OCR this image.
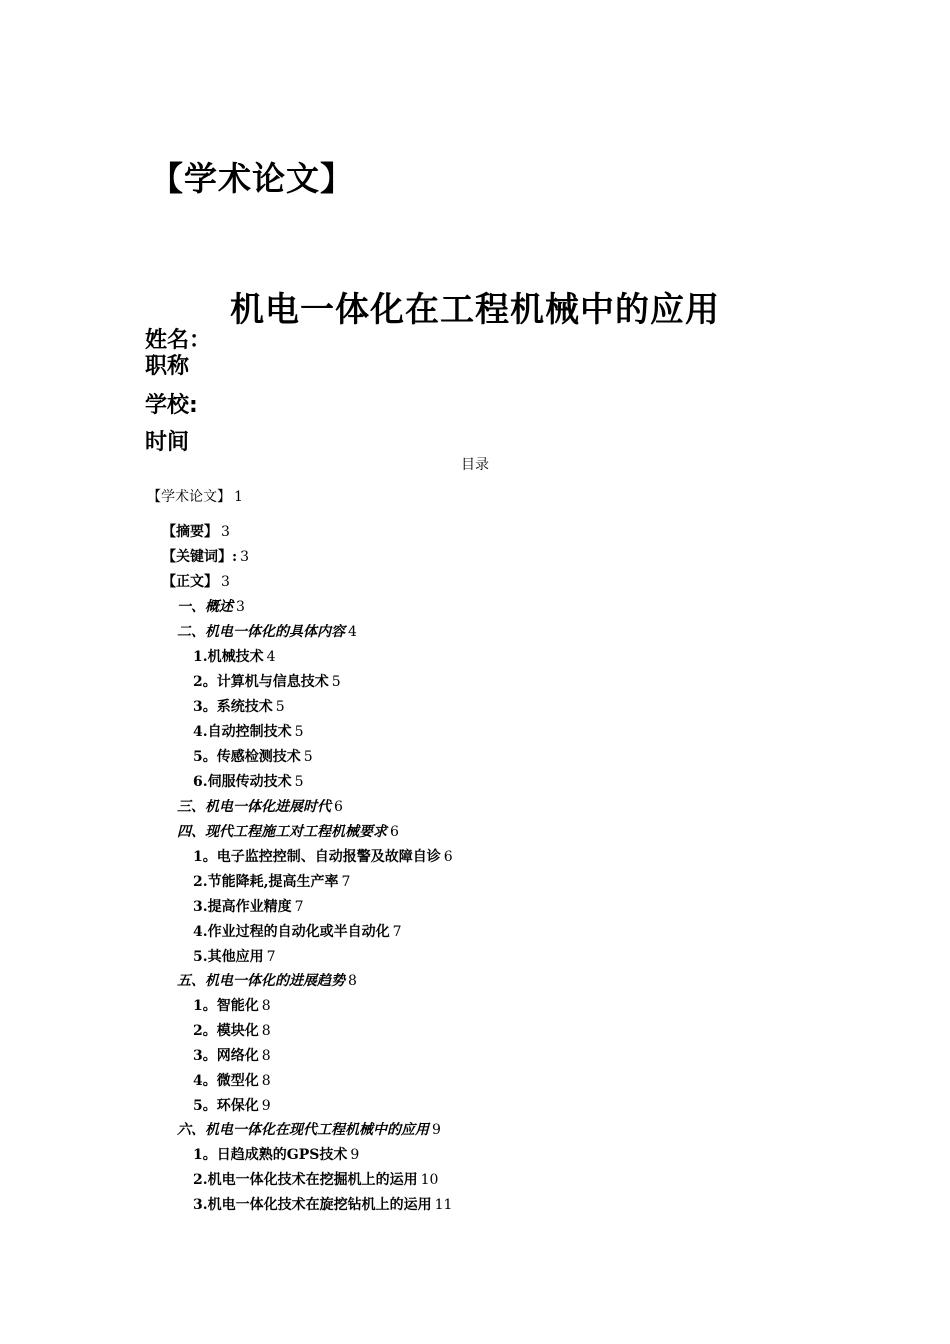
【学术论文】
机电一体化在工程机械中的应用
姓名：
职称
学校:
时间
目录
【学术论文】 1
【摘要】 3
【关键词】: 3
【正文】 3
一、概述 3
二、机电一体化的具体内容 4
1.机械技术 4
2。计算机与信息技术 5
3。系统技术 5
4.自动控制技术 5
5。传感检测技术 5
6.伺服传动技术 5
三、机电一体化进展时代 6
四、现代工程施工对工程机械要求 6
1。电子监控控制、自动报警及故障自诊 6
2.节能降耗,提高生产率 7
3.提高作业精度 7
4.作业过程的自动化或半自动化 7
5.其他应用 7
五、机电一体化的进展趋势 8
1。智能化 8
2。模块化 8
3。网络化 8
4。微型化 8
5。环保化 9
六、机电一体化在现代工程机械中的应用 9
1。日趋成熟的GPS技术 9
2.机电一体化技术在挖掘机上的运用 10
3.机电一体化技术在旋挖钻机上的运用 11
